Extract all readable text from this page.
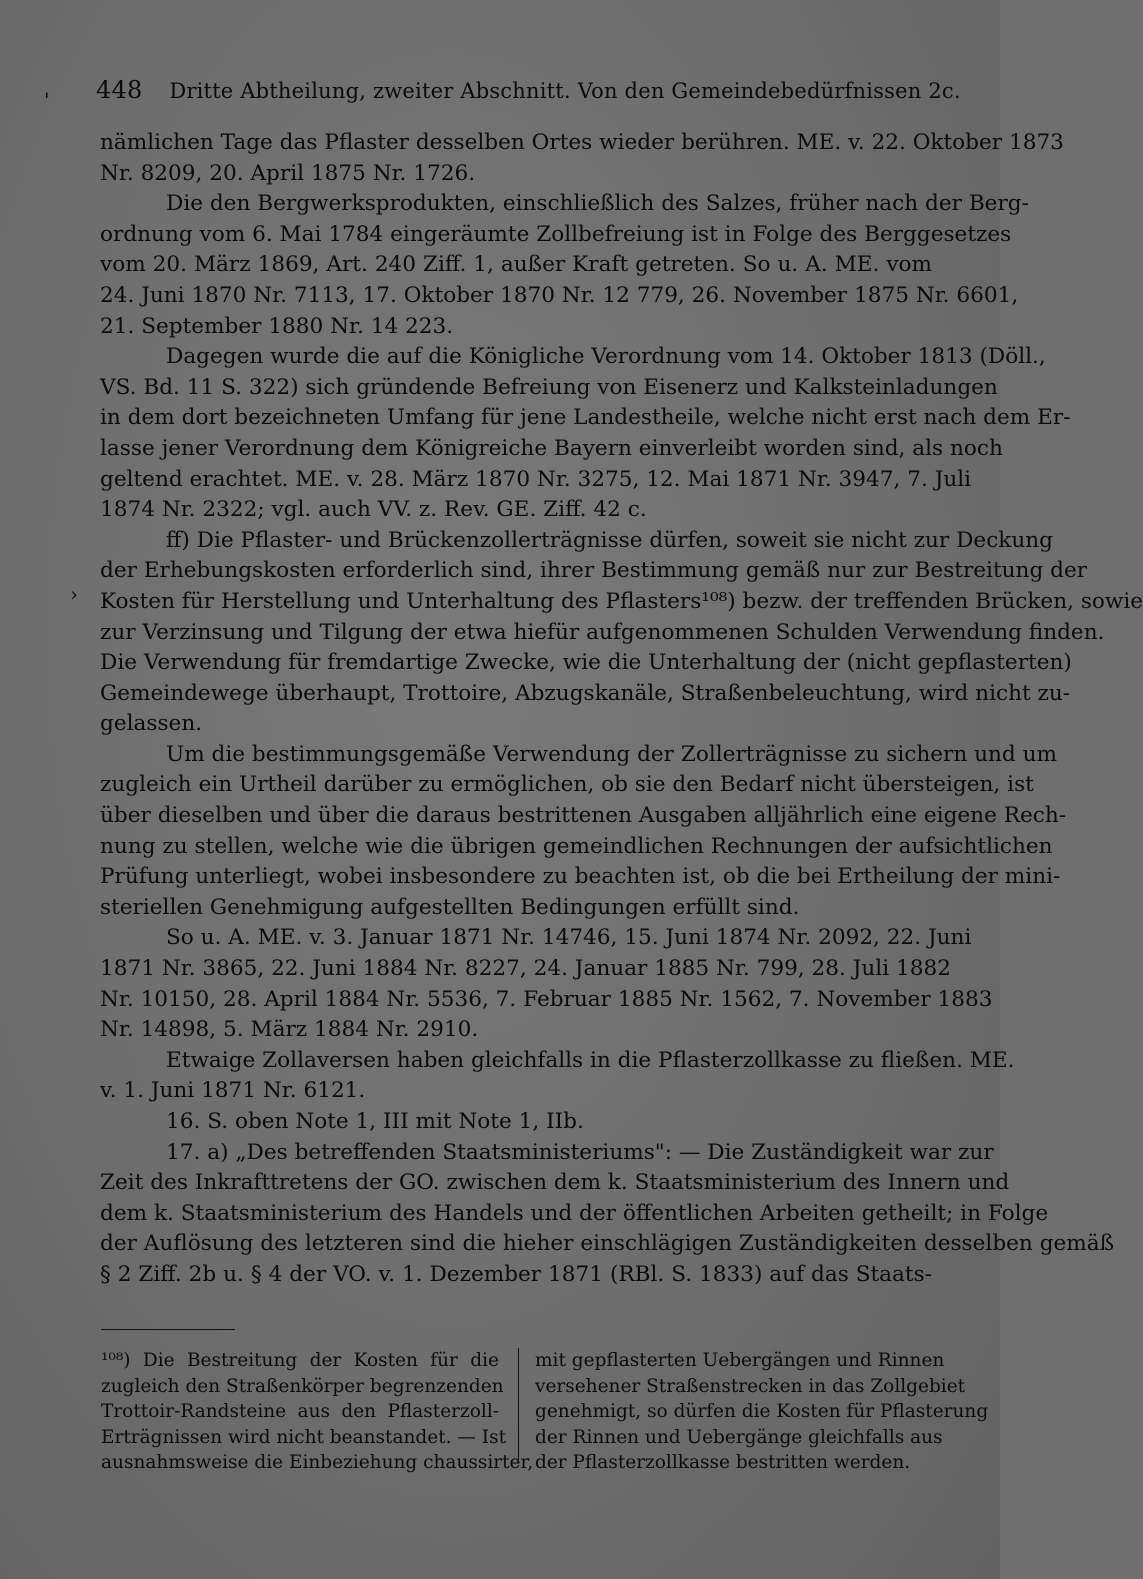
'
›
448 Dritte Abtheilung, zweiter Abschnitt. Von den Gemeindebedürfnissen 2c.
nämlichen Tage das Pflaster desselben Ortes wieder berühren. ME. v. 22. Oktober 1873
Nr. 8209, 20. April 1875 Nr. 1726.
Die den Bergwerksprodukten, einschließlich des Salzes, früher nach der Berg-
ordnung vom 6. Mai 1784 eingeräumte Zollbefreiung ist in Folge des Berggesetzes
vom 20. März 1869, Art. 240 Ziff. 1, außer Kraft getreten. So u. A. ME. vom
24. Juni 1870 Nr. 7113, 17. Oktober 1870 Nr. 12 779, 26. November 1875 Nr. 6601,
21. September 1880 Nr. 14 223.
Dagegen wurde die auf die Königliche Verordnung vom 14. Oktober 1813 (Döll.,
VS. Bd. 11 S. 322) sich gründende Befreiung von Eisenerz und Kalksteinladungen
in dem dort bezeichneten Umfang für jene Landestheile, welche nicht erst nach dem Er-
lasse jener Verordnung dem Königreiche Bayern einverleibt worden sind, als noch
geltend erachtet. ME. v. 28. März 1870 Nr. 3275, 12. Mai 1871 Nr. 3947, 7. Juli
1874 Nr. 2322; vgl. auch VV. z. Rev. GE. Ziff. 42 c.
ff) Die Pflaster- und Brückenzollerträgnisse dürfen, soweit sie nicht zur Deckung
der Erhebungskosten erforderlich sind, ihrer Bestimmung gemäß nur zur Bestreitung der
Kosten für Herstellung und Unterhaltung des Pflasters¹⁰⁸) bezw. der treffenden Brücken, sowie
zur Verzinsung und Tilgung der etwa hiefür aufgenommenen Schulden Verwendung finden.
Die Verwendung für fremdartige Zwecke, wie die Unterhaltung der (nicht gepflasterten)
Gemeindewege überhaupt, Trottoire, Abzugskanäle, Straßenbeleuchtung, wird nicht zu-
gelassen.
Um die bestimmungsgemäße Verwendung der Zollerträgnisse zu sichern und um
zugleich ein Urtheil darüber zu ermöglichen, ob sie den Bedarf nicht übersteigen, ist
über dieselben und über die daraus bestrittenen Ausgaben alljährlich eine eigene Rech-
nung zu stellen, welche wie die übrigen gemeindlichen Rechnungen der aufsichtlichen
Prüfung unterliegt, wobei insbesondere zu beachten ist, ob die bei Ertheilung der mini-
steriellen Genehmigung aufgestellten Bedingungen erfüllt sind.
So u. A. ME. v. 3. Januar 1871 Nr. 14746, 15. Juni 1874 Nr. 2092, 22. Juni
1871 Nr. 3865, 22. Juni 1884 Nr. 8227, 24. Januar 1885 Nr. 799, 28. Juli 1882
Nr. 10150, 28. April 1884 Nr. 5536, 7. Februar 1885 Nr. 1562, 7. November 1883
Nr. 14898, 5. März 1884 Nr. 2910.
Etwaige Zollaversen haben gleichfalls in die Pflasterzollkasse zu fließen. ME.
v. 1. Juni 1871 Nr. 6121.
16. S. oben Note 1, III mit Note 1, IIb.
17. a) „Des betreffenden Staatsministeriums": — Die Zuständigkeit war zur
Zeit des Inkrafttretens der GO. zwischen dem k. Staatsministerium des Innern und
dem k. Staatsministerium des Handels und der öffentlichen Arbeiten getheilt; in Folge
der Auflösung des letzteren sind die hieher einschlägigen Zuständigkeiten desselben gemäß
§ 2 Ziff. 2b u. § 4 der VO. v. 1. Dezember 1871 (RBl. S. 1833) auf das Staats-
¹⁰⁸) Die Bestreitung der Kosten für die
zugleich den Straßenkörper begrenzenden
Trottoir-Randsteine aus den Pflasterzoll-
Erträgnissen wird nicht beanstandet. — Ist
ausnahmsweise die Einbeziehung chaussirter,
mit gepflasterten Uebergängen und Rinnen
versehener Straßenstrecken in das Zollgebiet
genehmigt, so dürfen die Kosten für Pflasterung
der Rinnen und Uebergänge gleichfalls aus
der Pflasterzollkasse bestritten werden.
